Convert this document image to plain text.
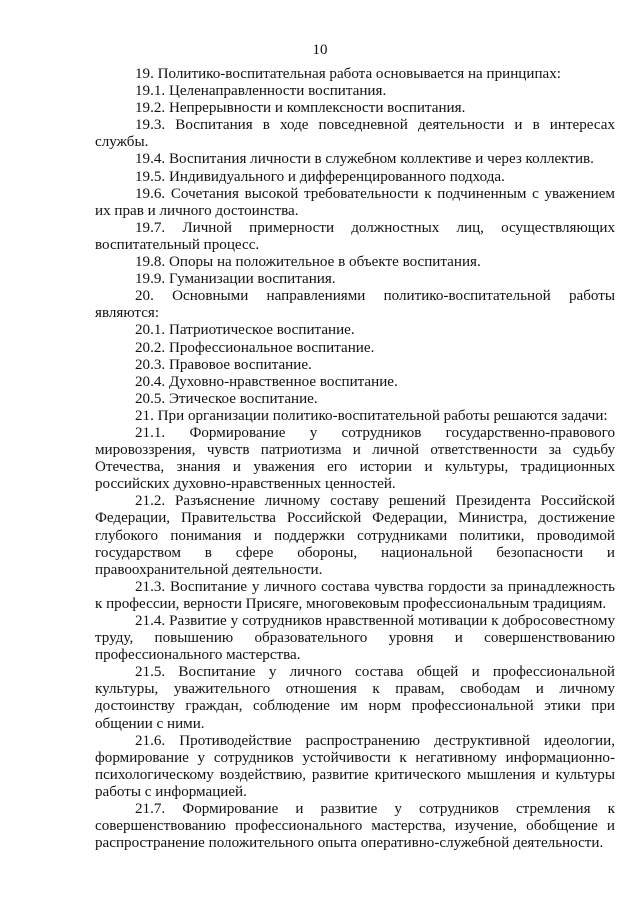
10

19. Политико-воспитательная работа основывается на принципах:

19.1. Целенаправленности воспитания.

19.2. Непрерывности и комплексности воспитания.

19.3. Воспитания в ходе повседневной деятельности и в интересах службы.

19.4. Воспитания личности в служебном коллективе и через коллектив.

19.5. Индивидуального и дифференцированного подхода.

19.6. Сочетания высокой требовательности к подчиненным с уважением их прав и личного достоинства.

19.7. Личной примерности должностных лиц, осуществляющих воспитательный процесс.

19.8. Опоры на положительное в объекте воспитания.

19.9. Гуманизации воспитания.

20. Основными направлениями политико-воспитательной работы являются:

20.1. Патриотическое воспитание.

20.2. Профессиональное воспитание.

20.3. Правовое воспитание.

20.4. Духовно-нравственное воспитание.

20.5. Этическое воспитание.

21. При организации политико-воспитательной работы решаются задачи:

21.1. Формирование у сотрудников государственно-правового мировоззрения, чувств патриотизма и личной ответственности за судьбу Отечества, знания и уважения его истории и культуры, традиционных российских духовно-нравственных ценностей.

21.2. Разъяснение личному составу решений Президента Российской Федерации, Правительства Российской Федерации, Министра, достижение глубокого понимания и поддержки сотрудниками политики, проводимой государством в сфере обороны, национальной безопасности и правоохранительной деятельности.

21.3. Воспитание у личного состава чувства гордости за принадлежность к профессии, верности Присяге, многовековым профессиональным традициям.

21.4. Развитие у сотрудников нравственной мотивации к добросовестному труду, повышению образовательного уровня и совершенствованию профессионального мастерства.

21.5. Воспитание у личного состава общей и профессиональной культуры, уважительного отношения к правам, свободам и личному достоинству граждан, соблюдение им норм профессиональной этики при общении с ними.

21.6. Противодействие распространению деструктивной идеологии, формирование у сотрудников устойчивости к негативному информационно-психологическому воздействию, развитие критического мышления и культуры работы с информацией.

21.7. Формирование и развитие у сотрудников стремления к совершенствованию профессионального мастерства, изучение, обобщение и распространение положительного опыта оперативно-служебной деятельности.
